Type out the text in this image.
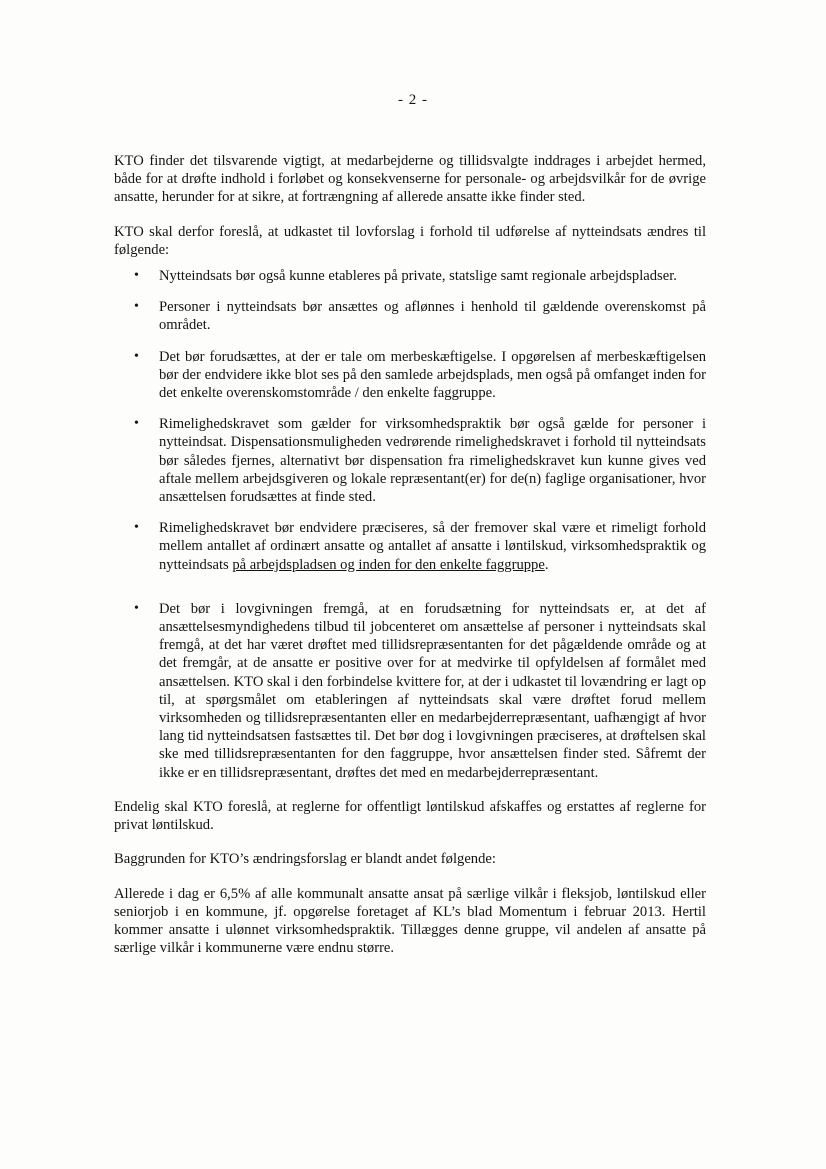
- 2 -

KTO finder det tilsvarende vigtigt, at medarbejderne og tillidsvalgte inddrages i arbejdet hermed, både for at drøfte indhold i forløbet og konsekvenserne for personale- og arbejdsvilkår for de øvrige ansatte, herunder for at sikre, at fortrængning af allerede ansatte ikke finder sted.

KTO skal derfor foreslå, at udkastet til lovforslag i forhold til udførelse af nytteindsats ændres til følgende:

• Nytteindsats bør også kunne etableres på private, statslige samt regionale arbejdspladser.
• Personer i nytteindsats bør ansættes og aflønnes i henhold til gældende overenskomst på området.
• Det bør forudsættes, at der er tale om merbeskæftigelse. I opgørelsen af merbeskæftigelsen bør der endvidere ikke blot ses på den samlede arbejdsplads, men også på omfanget inden for det enkelte overenskomstområde / den enkelte faggruppe.
• Rimelighedskravet som gælder for virksomhedspraktik bør også gælde for personer i nytteindsat. Dispensationsmuligheden vedrørende rimelighedskravet i forhold til nytteindsats bør således fjernes, alternativt bør dispensation fra rimelighedskravet kun kunne gives ved aftale mellem arbejdsgiveren og lokale repræsentant(er) for de(n) faglige organisationer, hvor ansættelsen forudsættes at finde sted.
• Rimelighedskravet bør endvidere præciseres, så der fremover skal være et rimeligt forhold mellem antallet af ordinært ansatte og antallet af ansatte i løntilskud, virksomhedspraktik og nytteindsats på arbejdspladsen og inden for den enkelte faggruppe.
• Det bør i lovgivningen fremgå, at en forudsætning for nytteindsats er, at det af ansættelsesmyndighedens tilbud til jobcenteret om ansættelse af personer i nytteindsats skal fremgå, at det har været drøftet med tillidsrepræsentanten for det pågældende område og at det fremgår, at de ansatte er positive over for at medvirke til opfyldelsen af formålet med ansættelsen. KTO skal i den forbindelse kvittere for, at der i udkastet til lovændring er lagt op til, at spørgsmålet om etableringen af nytteindsats skal være drøftet forud mellem virksomheden og tillidsrepræsentanten eller en medarbejderrepræsentant, uafhængigt af hvor lang tid nytteindsatsen fastsættes til. Det bør dog i lovgivningen præciseres, at drøftelsen skal ske med tillidsrepræsentanten for den faggruppe, hvor ansættelsen finder sted. Såfremt der ikke er en tillidsrepræsentant, drøftes det med en medarbejderrepræsentant.

Endelig skal KTO foreslå, at reglerne for offentligt løntilskud afskaffes og erstattes af reglerne for privat løntilskud.

Baggrunden for KTO’s ændringsforslag er blandt andet følgende:

Allerede i dag er 6,5% af alle kommunalt ansatte ansat på særlige vilkår i fleksjob, løntilskud eller seniorjob i en kommune, jf. opgørelse foretaget af KL’s blad Momentum i februar 2013. Hertil kommer ansatte i ulønnet virksomhedspraktik. Tillægges denne gruppe, vil andelen af ansatte på særlige vilkår i kommunerne være endnu større.
